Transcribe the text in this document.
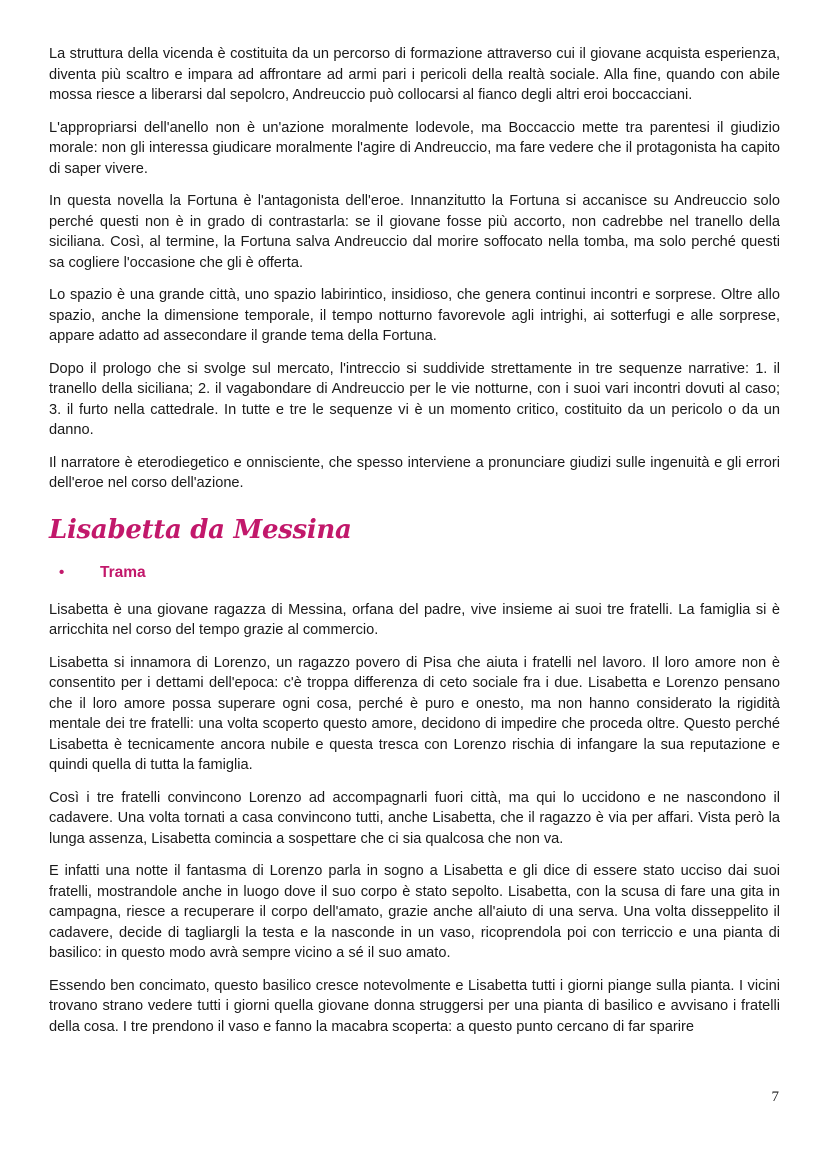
La struttura della vicenda è costituita da un percorso di formazione attraverso cui il giovane acquista esperienza, diventa più scaltro e impara ad affrontare ad armi pari i pericoli della realtà sociale. Alla fine, quando con abile mossa riesce a liberarsi dal sepolcro, Andreuccio può collocarsi al fianco degli altri eroi boccacciani.

L'appropriarsi dell'anello non è un'azione moralmente lodevole, ma Boccaccio mette tra parentesi il giudizio morale: non gli interessa giudicare moralmente l'agire di Andreuccio, ma fare vedere che il protagonista ha capito di saper vivere.

In questa novella la Fortuna è l'antagonista dell'eroe. Innanzitutto la Fortuna si accanisce su Andreuccio solo perché questi non è in grado di contrastarla: se il giovane fosse più accorto, non cadrebbe nel tranello della siciliana. Così, al termine, la Fortuna salva Andreuccio dal morire soffocato nella tomba, ma solo perché questi sa cogliere l'occasione che gli è offerta.

Lo spazio è una grande città, uno spazio labirintico, insidioso, che genera continui incontri e sorprese. Oltre allo spazio, anche la dimensione temporale, il tempo notturno favorevole agli intrighi, ai sotterfugi e alle sorprese, appare adatto ad assecondare il grande tema della Fortuna.

Dopo il prologo che si svolge sul mercato, l'intreccio si suddivide strettamente in tre sequenze narrative: 1. il tranello della siciliana; 2. il vagabondare di Andreuccio per le vie notturne, con i suoi vari incontri dovuti al caso; 3. il furto nella cattedrale. In tutte e tre le sequenze vi è un momento critico, costituito da un pericolo o da un danno.

Il narratore è eterodiegetico e onnisciente, che spesso interviene a pronunciare giudizi sulle ingenuità e gli errori dell'eroe nel corso dell'azione.

Lisabetta da Messina
•	Trama

Lisabetta è una giovane ragazza di Messina, orfana del padre, vive insieme ai suoi tre fratelli. La famiglia si è arricchita nel corso del tempo grazie al commercio.

Lisabetta si innamora di Lorenzo, un ragazzo povero di Pisa che aiuta i fratelli nel lavoro. Il loro amore non è consentito per i dettami dell'epoca: c'è troppa differenza di ceto sociale fra i due. Lisabetta e Lorenzo pensano che il loro amore possa superare ogni cosa, perché è puro e onesto, ma non hanno considerato la rigidità mentale dei tre fratelli: una volta scoperto questo amore, decidono di impedire che proceda oltre. Questo perché Lisabetta è tecnicamente ancora nubile e questa tresca con Lorenzo rischia di infangare la sua reputazione e quindi quella di tutta la famiglia.

Così i tre fratelli convincono Lorenzo ad accompagnarli fuori città, ma qui lo uccidono e ne nascondono il cadavere. Una volta tornati a casa convincono tutti, anche Lisabetta, che il ragazzo è via per affari. Vista però la lunga assenza, Lisabetta comincia a sospettare che ci sia qualcosa che non va.

E infatti una notte il fantasma di Lorenzo parla in sogno a Lisabetta e gli dice di essere stato ucciso dai suoi fratelli, mostrandole anche in luogo dove il suo corpo è stato sepolto. Lisabetta, con la scusa di fare una gita in campagna, riesce a recuperare il corpo dell'amato, grazie anche all'aiuto di una serva. Una volta disseppelito il cadavere, decide di tagliargli la testa e la nasconde in un vaso, ricoprendola poi con terriccio e una pianta di basilico: in questo modo avrà sempre vicino a sé il suo amato.

Essendo ben concimato, questo basilico cresce notevolmente e Lisabetta tutti i giorni piange sulla pianta. I vicini trovano strano vedere tutti i giorni quella giovane donna struggersi per una pianta di basilico e avvisano i fratelli della cosa. I tre prendono il vaso e fanno la macabra scoperta: a questo punto cercano di far sparire

7
